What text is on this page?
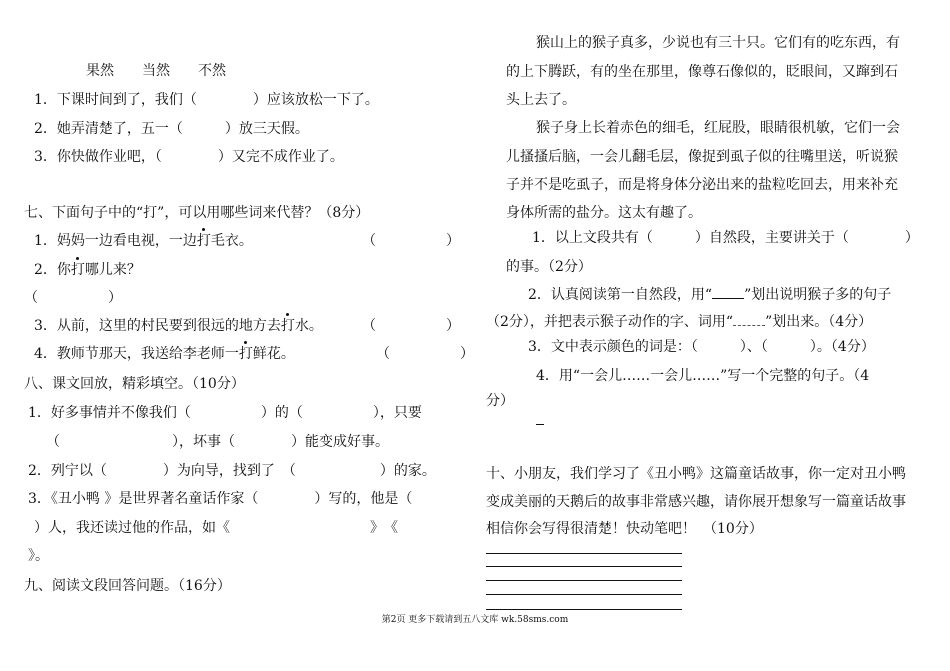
果然　　当然　　不然
1．下课时间到了，我们（　　　　）应该放松一下了。
2．她弄清楚了，五一（　　　）放三天假。
3．你快做作业吧，（　　　　）又完不成作业了。
七、下面句子中的“打”，可以用哪些词来代替？（8分）
1．妈妈一边看电视，一边打毛衣。	（　　　　　）
2．你打哪儿来？
（　　　　　）
3．从前，这里的村民要到很远的地方去打水。	（　　　　　）
4．教师节那天，我送给李老师一打鲜花。	（　　　　　）
八、课文回放，精彩填空。（10分）
1．好多事情并不像我们（　　　　　）的（　　　　　），只要
（　　　　　　　　），坏事（　　　　）能变成好事。
2．列宁以（　　　　）为向导，找到了　（　　　　　　）的家。
3．《丑小鸭 》是世界著名童话作家（　　　　）写的，他是（
）人，我还读过他的作品，如《　　　　　　　　　　》　《
》。
九、阅读文段回答问题。（16分）
猴山上的猴子真多，少说也有三十只。它们有的吃东西，有
的上下腾跃，有的坐在那里，像尊石像似的，眨眼间，又蹿到石
头上去了。
猴子身上长着赤色的细毛，红屁股，眼睛很机敏，它们一会
儿搔搔后脑，一会儿翻毛层，像捉到虱子似的往嘴里送，听说猴
子并不是吃虱子，而是将身体分泌出来的盐粒吃回去，用来补充
身体所需的盐分。这太有趣了。
1．以上文段共有（　　　）自然段，主要讲关于（　　　　）
的事。（2分）
2．认真阅读第一自然段，用“ ”划出说明猴子多的句子
（2分），并把表示猴子动作的字、词用“ ”划出来。（4分）
3．文中表示颜色的词是：（　　　）、（　　　）。（4分）
4．用“一会儿……一会儿……”写一个完整的句子。（4
分）
十、小朋友，我们学习了《丑小鸭》这篇童话故事，你一定对丑小鸭
变成美丽的天鹅后的故事非常感兴趣，请你展开想象写一篇童话故事
相信你会写得很清楚！快动笔吧！　（10分）
第2页 更多下载请到五八文库 wk.58sms.com
